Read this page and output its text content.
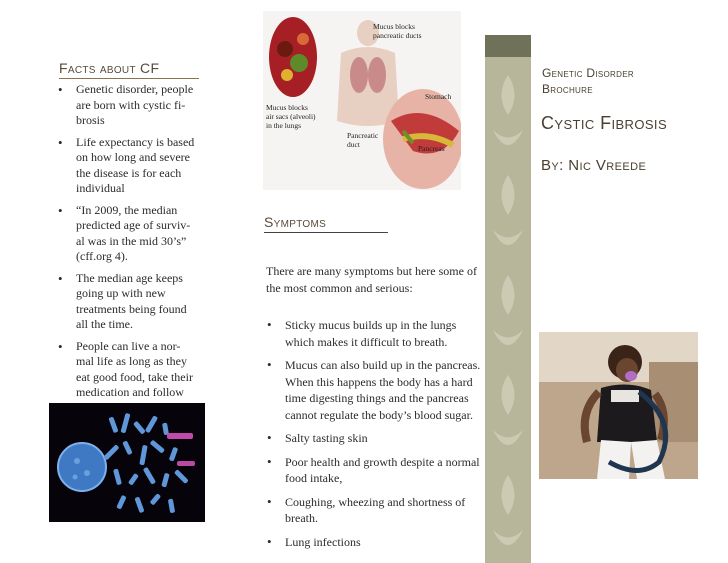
Facts about CF
• Genetic disorder, people are born with cystic fi-brosis
• Life expectancy is based on how long and severe the disease is for each individual
• “In 2009, the median predicted age of surviv-al was in the mid 30’s” (cff.org 4).
• The median age keeps going up with new treatments being found all the time.
• People can live a nor-mal life as long as they eat good food, take their medication and follow
Mucus blocks
pancreatic ducts
Mucus blocks
air sacs (alveoli)
in the lungs
Stomach
Pancreatic
duct	Pancreas
Symptoms
There are many symptoms but here some of the most common and serious:
• Sticky mucus builds up in the lungs which makes it difficult to breath.
• Mucus can also build up in the pancreas. When this happens the body has a hard time digesting things and the pancreas cannot regulate the body’s blood sugar.
• Salty tasting skin
• Poor health and growth despite a normal food intake,
• Coughing, wheezing and shortness of breath.
• Lung infections
Genetic Disorder
Brochure
Cystic Fibrosis
By: Nic Vreede
